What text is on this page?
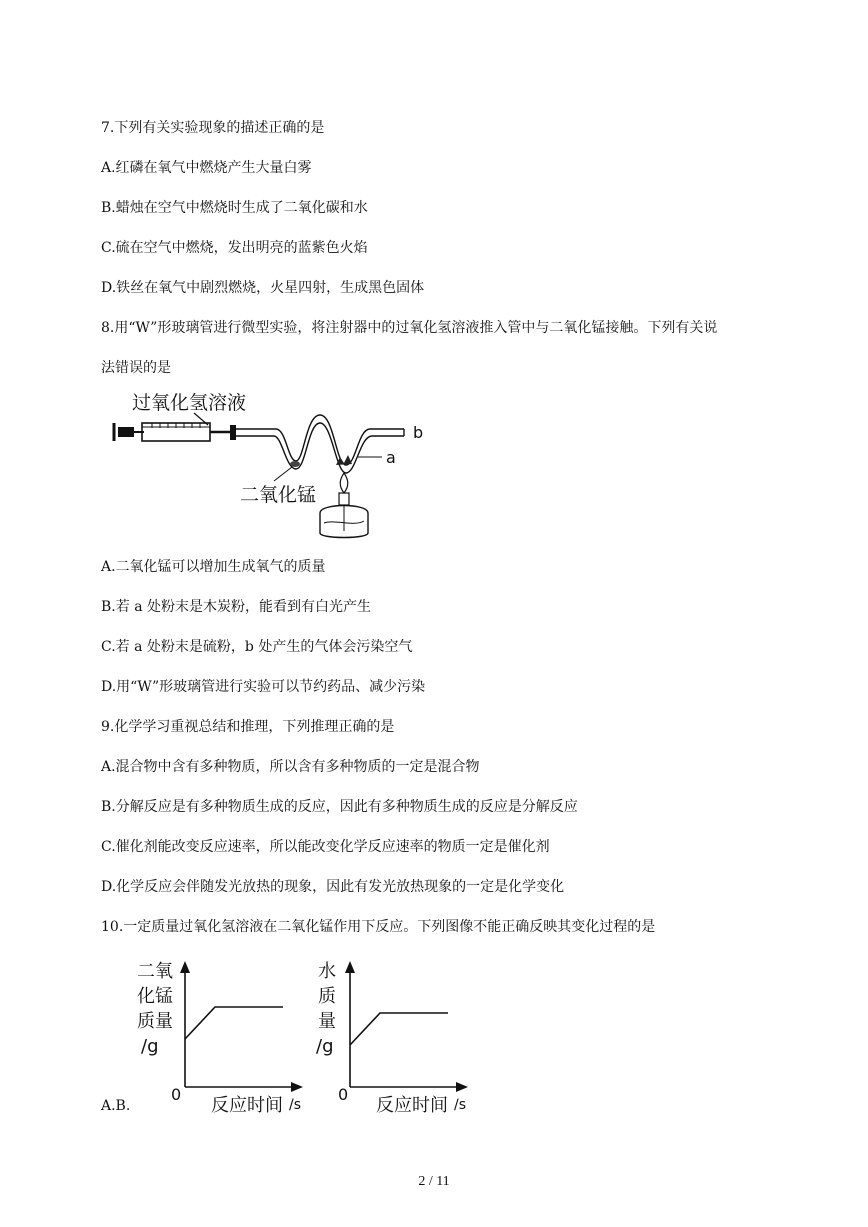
7.下列有关实验现象的描述正确的是
A.红磷在氧气中燃烧产生大量白雾
B.蜡烛在空气中燃烧时生成了二氧化碳和水
C.硫在空气中燃烧，发出明亮的蓝紫色火焰
D.铁丝在氧气中剧烈燃烧，火星四射，生成黑色固体
8.用“W”形玻璃管进行微型实验，将注射器中的过氧化氢溶液推入管中与二氧化锰接触。下列有关说
法错误的是
过氧化氢溶液
a
b
二氧化锰
A.二氧化锰可以增加生成氧气的质量
B.若 a 处粉末是木炭粉，能看到有白光产生
C.若 a 处粉末是硫粉，b 处产生的气体会污染空气
D.用“W”形玻璃管进行实验可以节约药品、减少污染
9.化学学习重视总结和推理，下列推理正确的是
A.混合物中含有多种物质，所以含有多种物质的一定是混合物
B.分解反应是有多种物质生成的反应，因此有多种物质生成的反应是分解反应
C.催化剂能改变反应速率，所以能改变化学反应速率的物质一定是催化剂
D.化学反应会伴随发光放热的现象，因此有发光放热现象的一定是化学变化
10.一定质量过氧化氢溶液在二氧化锰作用下反应。下列图像不能正确反映其变化过程的是
二氧
化锰
质量
/g
0
反应时间 /s
水
质
量
/g
0
反应时间 /s
A.B.
2 / 11
